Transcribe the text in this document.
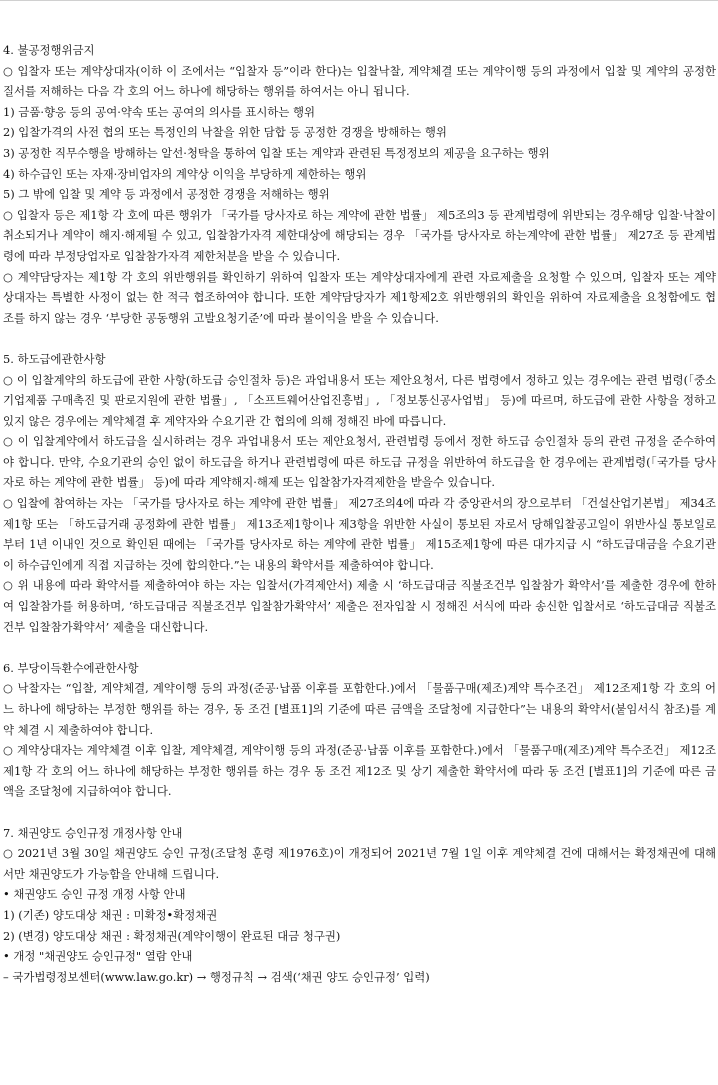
4. 불공정행위금지
○ 입찰자 또는 계약상대자(이하 이 조에서는 “입찰자 등”이라 한다)는 입찰낙찰, 계약체결 또는 계약이행 등의 과정에서 입찰 및 계약의 공정한 질서를 저해하는 다음 각 호의 어느 하나에 해당하는 행위를 하여서는 아니 됩니다.
1) 금품·향응 등의 공여·약속 또는 공여의 의사를 표시하는 행위
2) 입찰가격의 사전 협의 또는 특정인의 낙찰을 위한 담합 등 공정한 경쟁을 방해하는 행위
3) 공정한 직무수행을 방해하는 알선·청탁을 통하여 입찰 또는 계약과 관련된 특정정보의 제공을 요구하는 행위
4) 하수급인 또는 자재·장비업자의 계약상 이익을 부당하게 제한하는 행위
5) 그 밖에 입찰 및 계약 등 과정에서 공정한 경쟁을 저해하는 행위
○ 입찰자 등은 제1항 각 호에 따른 행위가 「국가를 당사자로 하는 계약에 관한 법률」 제5조의3 등 관계법령에 위반되는 경우해당 입찰·낙찰이 취소되거나 계약이 해지·해제될 수 있고, 입찰참가자격 제한대상에 해당되는 경우 「국가를 당사자로 하는계약에 관한 법률」 제27조 등 관계법령에 따라 부정당업자로 입찰참가자격 제한처분을 받을 수 있습니다.
○ 계약담당자는 제1항 각 호의 위반행위를 확인하기 위하여 입찰자 또는 계약상대자에게 관련 자료제출을 요청할 수 있으며, 입찰자 또는 계약상대자는 특별한 사정이 없는 한 적극 협조하여야 합니다. 또한 계약담당자가 제1항제2호 위반행위의 확인을 위하여 자료제출을 요청함에도 협조를 하지 않는 경우 ‘부당한 공동행위 고발요청기준’에 따라 불이익을 받을 수 있습니다.
5. 하도급에관한사항
○ 이 입찰계약의 하도급에 관한 사항(하도급 승인절차 등)은 과업내용서 또는 제안요청서, 다른 법령에서 정하고 있는 경우에는 관련 법령(「중소기업제품 구매촉진 및 판로지원에 관한 법률」, 「소프트웨어산업진흥법」, 「정보통신공사업법」 등)에 따르며, 하도급에 관한 사항을 정하고 있지 않은 경우에는 계약체결 후 계약자와 수요기관 간 협의에 의해 정해진 바에 따릅니다.
○ 이 입찰계약에서 하도급을 실시하려는 경우 과업내용서 또는 제안요청서, 관련법령 등에서 정한 하도급 승인절차 등의 관련 규정을 준수하여야 합니다. 만약, 수요기관의 승인 없이 하도급을 하거나 관련법령에 따른 하도급 규정을 위반하여 하도급을 한 경우에는 관계법령(「국가를 당사자로 하는 계약에 관한 법률」 등)에 따라 계약해지·해제 또는 입찰참가자격제한을 받을수 있습니다.
○ 입찰에 참여하는 자는 「국가를 당사자로 하는 계약에 관한 법률」 제27조의4에 따라 각 중앙관서의 장으로부터 「건설산업기본법」 제34조제1항 또는 「하도급거래 공정화에 관한 법률」 제13조제1항이나 제3항을 위반한 사실이 통보된 자로서 당해입찰공고일이 위반사실 통보일로부터 1년 이내인 것으로 확인된 때에는 「국가를 당사자로 하는 계약에 관한 법률」 제15조제1항에 따른 대가지급 시 “하도급대금을 수요기관이 하수급인에게 직접 지급하는 것에 합의한다.”는 내용의 확약서를 제출하여야 합니다.
○ 위 내용에 따라 확약서를 제출하여야 하는 자는 입찰서(가격제안서) 제출 시 ‘하도급대금 직불조건부 입찰참가 확약서’를 제출한 경우에 한하여 입찰참가를 허용하며, ‘하도급대금 직불조건부 입찰참가확약서’ 제출은 전자입찰 시 정해진 서식에 따라 송신한 입찰서로 ‘하도급대금 직불조건부 입찰참가확약서’ 제출을 대신합니다.
6. 부당이득환수에관한사항
○ 낙찰자는 “입찰, 계약체결, 계약이행 등의 과정(준공·납품 이후를 포함한다.)에서 「물품구매(제조)계약 특수조건」 제12조제1항 각 호의 어느 하나에 해당하는 부정한 행위를 하는 경우, 동 조건 [별표1]의 기준에 따른 금액을 조달청에 지급한다”는 내용의 확약서(붙임서식 참조)를 계약 체결 시 제출하여야 합니다.
○ 계약상대자는 계약체결 이후 입찰, 계약체결, 계약이행 등의 과정(준공·납품 이후를 포함한다.)에서 「물품구매(제조)계약 특수조건」 제12조 제1항 각 호의 어느 하나에 해당하는 부정한 행위를 하는 경우 동 조건 제12조 및 상기 제출한 확약서에 따라 동 조건 [별표1]의 기준에 따른 금액을 조달청에 지급하여야 합니다.
7. 채권양도 승인규정 개정사항 안내
○ 2021년 3월 30일 채권양도 승인 규정(조달청 훈령 제1976호)이 개정되어 2021년 7월 1일 이후 계약체결 건에 대해서는 확정채권에 대해서만 채권양도가 가능함을 안내해 드립니다.
• 채권양도 승인 규정 개정 사항 안내
1) (기존) 양도대상 채권 : 미확정•확정채권
2) (변경) 양도대상 채권 : 확정채권(계약이행이 완료된 대금 청구권)
• 개정 "채권양도 승인규정" 열람 안내
– 국가법령정보센터(www.law.go.kr) → 행정규칙 → 검색(‘채권 양도 승인규정’ 입력)
